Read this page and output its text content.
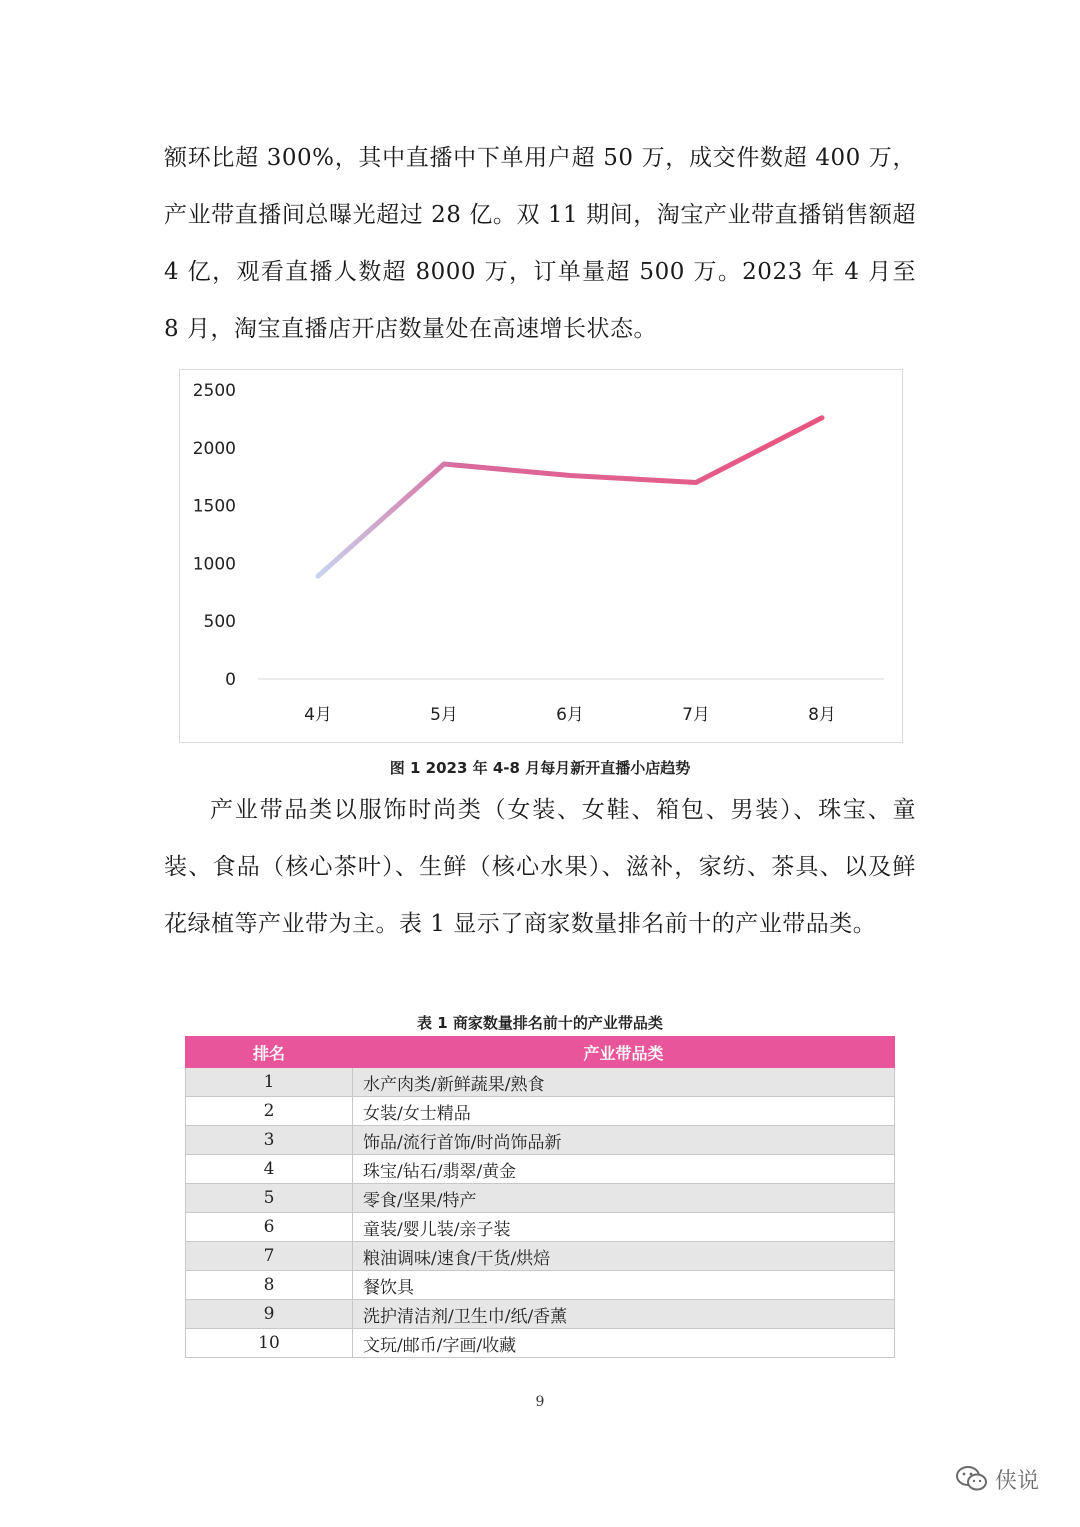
额环比超 300%，其中直播中下单用户超 50 万，成交件数超 400 万，产业带直播间总曝光超过 28 亿。双 11 期间，淘宝产业带直播销售额超 4 亿，观看直播人数超 8000 万，订单量超 500 万。2023 年 4 月至 8 月，淘宝直播店开店数量处在高速增长状态。
0
500
1000
1500
2000
2500
4月	5月	6月	7月	8月
图 1 2023 年 4-8 月每月新开直播小店趋势
产业带品类以服饰时尚类（女装、女鞋、箱包、男装）、珠宝、童装、食品（核心茶叶）、生鲜（核心水果）、滋补，家纺、茶具、以及鲜花绿植等产业带为主。表 1 显示了商家数量排名前十的产业带品类。
表 1 商家数量排名前十的产业带品类
排名	产业带品类
1	水产肉类/新鲜蔬果/熟食
2	女装/女士精品
3	饰品/流行首饰/时尚饰品新
4	珠宝/钻石/翡翠/黄金
5	零食/坚果/特产
6	童装/婴儿装/亲子装
7	粮油调味/速食/干货/烘焙
8	餐饮具
9	洗护清洁剂/卫生巾/纸/香薰
10	文玩/邮币/字画/收藏
9
侠说
